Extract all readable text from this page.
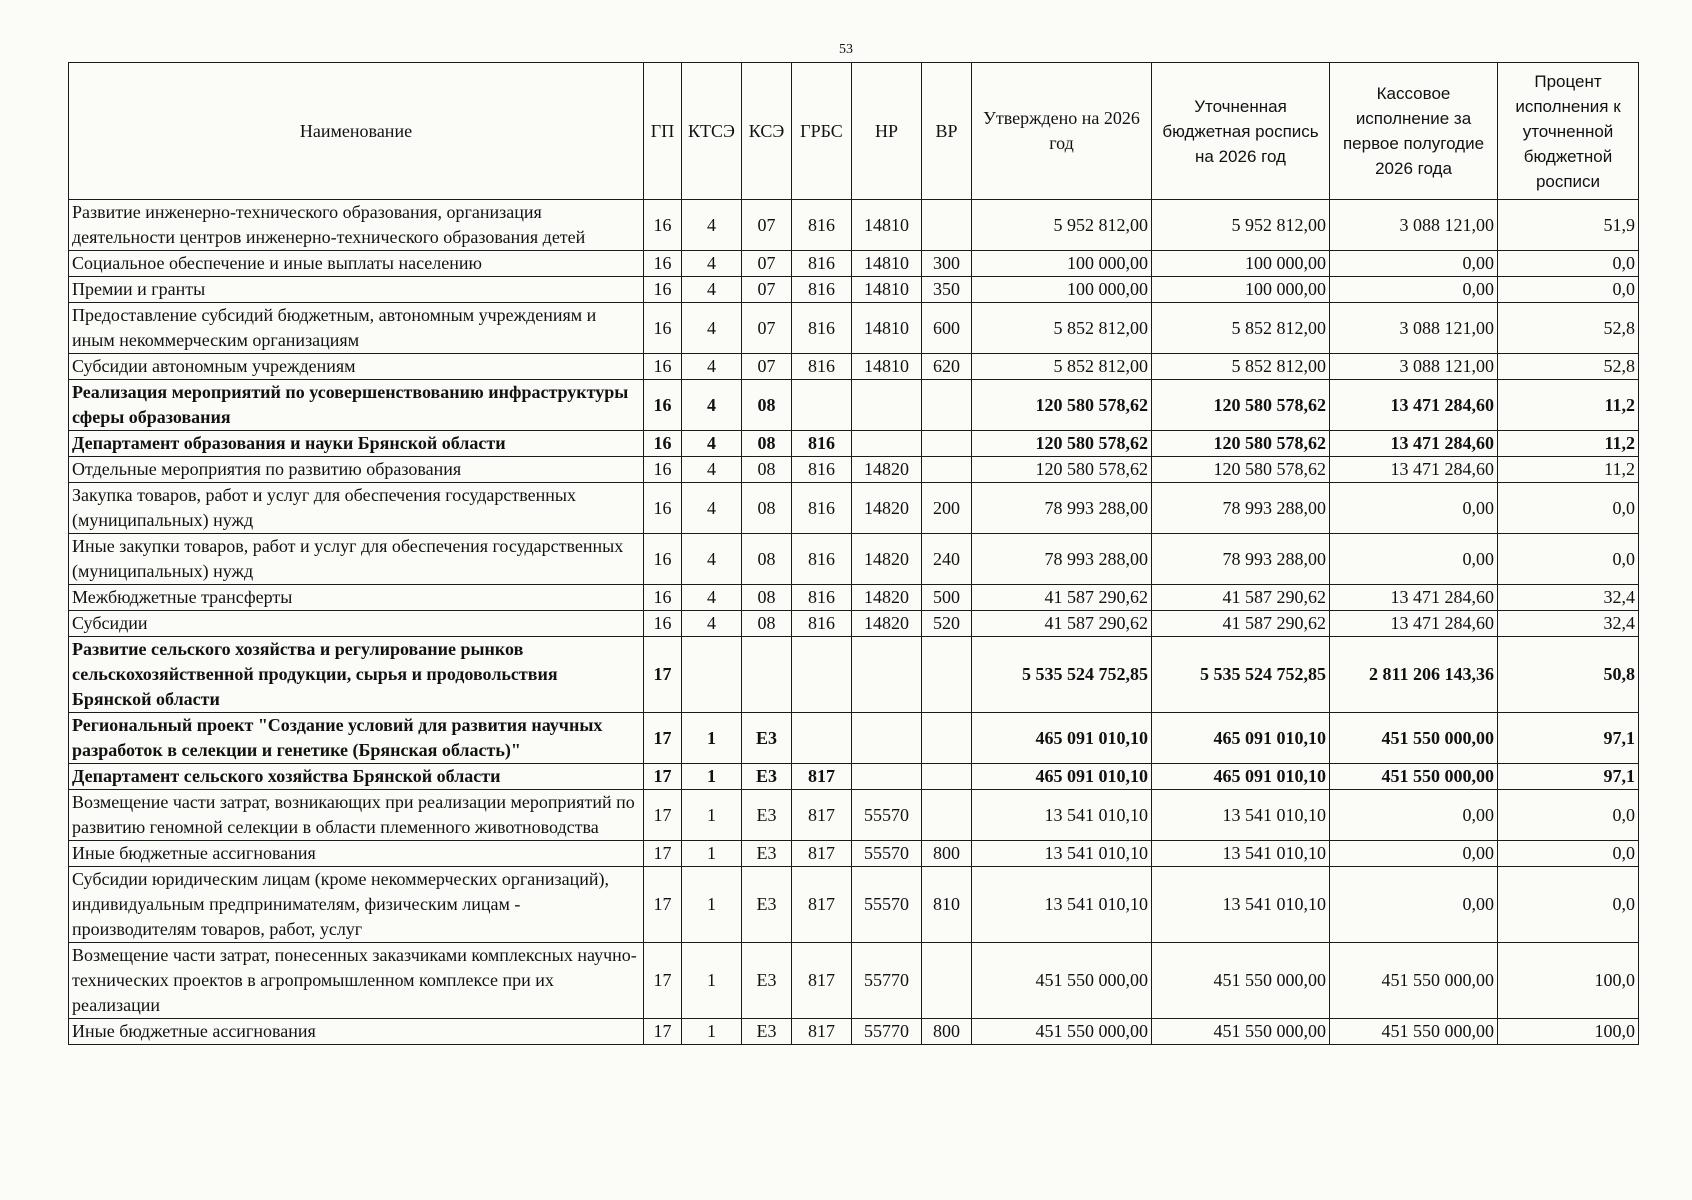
53
Наименование	ГП	КТСЭ	КСЭ	ГРБС	НР	ВР	Утверждено на 2026 год	Уточненная бюджетная роспись на 2026 год	Кассовое исполнение за первое полугодие 2026 года	Процент исполнения к уточненной бюджетной росписи
Развитие инженерно-технического образования, организация деятельности центров инженерно-технического образования детей	16	4	07	816	14810		5 952 812,00	5 952 812,00	3 088 121,00	51,9
Социальное обеспечение и иные выплаты населению	16	4	07	816	14810	300	100 000,00	100 000,00	0,00	0,0
Премии и гранты	16	4	07	816	14810	350	100 000,00	100 000,00	0,00	0,0
Предоставление субсидий бюджетным, автономным учреждениям и иным некоммерческим организациям	16	4	07	816	14810	600	5 852 812,00	5 852 812,00	3 088 121,00	52,8
Субсидии автономным учреждениям	16	4	07	816	14810	620	5 852 812,00	5 852 812,00	3 088 121,00	52,8
Реализация мероприятий по усовершенствованию инфраструктуры сферы образования	16	4	08				120 580 578,62	120 580 578,62	13 471 284,60	11,2
Департамент образования и науки Брянской области	16	4	08	816			120 580 578,62	120 580 578,62	13 471 284,60	11,2
Отдельные мероприятия по развитию образования	16	4	08	816	14820		120 580 578,62	120 580 578,62	13 471 284,60	11,2
Закупка товаров, работ и услуг для обеспечения государственных (муниципальных) нужд	16	4	08	816	14820	200	78 993 288,00	78 993 288,00	0,00	0,0
Иные закупки товаров, работ и услуг для обеспечения государственных (муниципальных) нужд	16	4	08	816	14820	240	78 993 288,00	78 993 288,00	0,00	0,0
Межбюджетные трансферты	16	4	08	816	14820	500	41 587 290,62	41 587 290,62	13 471 284,60	32,4
Субсидии	16	4	08	816	14820	520	41 587 290,62	41 587 290,62	13 471 284,60	32,4
Развитие сельского хозяйства и регулирование рынков сельскохозяйственной продукции, сырья и продовольствия Брянской области	17						5 535 524 752,85	5 535 524 752,85	2 811 206 143,36	50,8
Региональный проект "Создание условий для развития научных разработок в селекции и генетике (Брянская область)"	17	1	Е3				465 091 010,10	465 091 010,10	451 550 000,00	97,1
Департамент сельского хозяйства Брянской области	17	1	Е3	817			465 091 010,10	465 091 010,10	451 550 000,00	97,1
Возмещение части затрат, возникающих при реализации мероприятий по развитию геномной селекции в области племенного животноводства	17	1	Е3	817	55570		13 541 010,10	13 541 010,10	0,00	0,0
Иные бюджетные ассигнования	17	1	Е3	817	55570	800	13 541 010,10	13 541 010,10	0,00	0,0
Субсидии юридическим лицам (кроме некоммерческих организаций), индивидуальным предпринимателям, физическим лицам - производителям товаров, работ, услуг	17	1	Е3	817	55570	810	13 541 010,10	13 541 010,10	0,00	0,0
Возмещение части затрат, понесенных заказчиками комплексных научно-технических проектов в агропромышленном комплексе при их реализации	17	1	Е3	817	55770		451 550 000,00	451 550 000,00	451 550 000,00	100,0
Иные бюджетные ассигнования	17	1	Е3	817	55770	800	451 550 000,00	451 550 000,00	451 550 000,00	100,0
